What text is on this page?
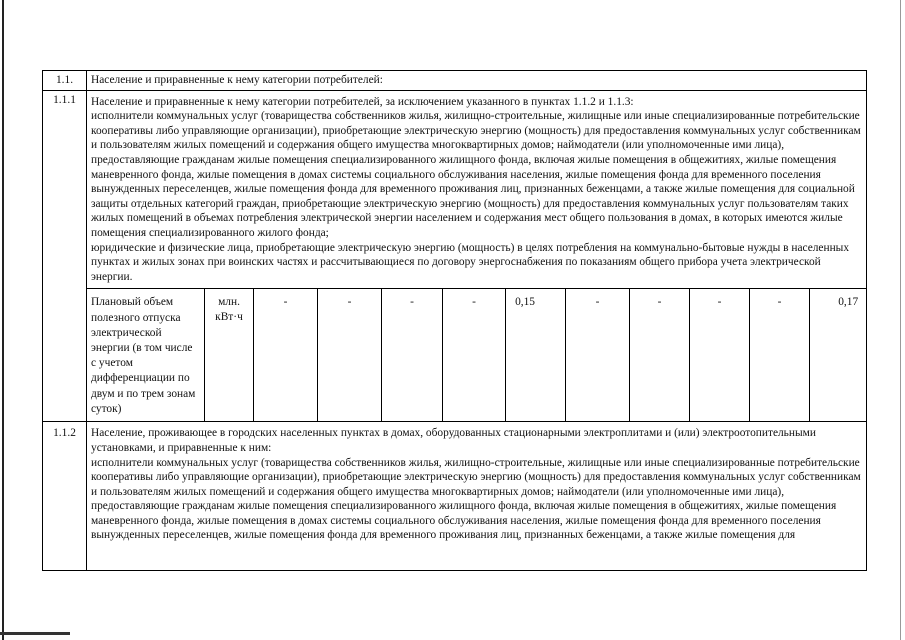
1.1.	Население и приравненные к нему категории потребителей:											
1.1.1	Население и приравненные к нему категории потребителей, за исключением указанного в пунктах 1.1.2 и 1.1.3:

исполнители коммунальных услуг (товарищества собственников жилья, жилищно-строительные, жилищные или иные специализированные потребительские кооперативы либо управляющие организации), приобретающие электрическую энергию (мощность) для предоставления коммунальных услуг собственникам и пользователям жилых помещений и содержания общего имущества многоквартирных домов; наймодатели (или уполномоченные ими лица), предоставляющие гражданам жилые помещения специализированного жилищного фонда, включая жилые помещения в общежитиях, жилые помещения маневренного фонда, жилые помещения в домах системы социального обслуживания населения, жилые помещения фонда для временного поселения вынужденных переселенцев, жилые помещения фонда для временного проживания лиц, признанных беженцами, а также жилые помещения для социальной защиты отдельных категорий граждан, приобретающие электрическую энергию (мощность) для предоставления коммунальных услуг пользователям таких жилых помещений в объемах потребления электрической энергии населением и содержания мест общего пользования в домах, в которых имеются жилые помещения специализированного жилого фонда;

юридические и физические лица, приобретающие электрическую энергию (мощность) в целях потребления на коммунально-бытовые нужды в населенных пунктах и жилых зонах при воинских частях и рассчитывающиеся по договору энергоснабжения по показаниям общего прибора учета электрической энергии.											

	Плановый объем полезного отпуска электрической энергии (в том числе с учетом дифференциации по двум и по трем зонам суток)	млн. кВт·ч	-	-	-	-	0,15	-	-	-	-	0,17
1.1.2	Население, проживающее в городских населенных пунктах в домах, оборудованных стационарными электроплитами и (или) электроотопительными установками, и приравненные к ним:

исполнители коммунальных услуг (товарищества собственников жилья, жилищно-строительные, жилищные или иные специализированные потребительские кооперативы либо управляющие организации), приобретающие электрическую энергию (мощность) для предоставления коммунальных услуг собственникам и пользователям жилых помещений и содержания общего имущества многоквартирных домов; наймодатели (или уполномоченные ими лица), предоставляющие гражданам жилые помещения специализированного жилищного фонда, включая жилые помещения в общежитиях, жилые помещения маневренного фонда, жилые помещения в домах системы социального обслуживания населения, жилые помещения фонда для временного поселения вынужденных переселенцев, жилые помещения фонда для временного проживания лиц, признанных беженцами, а также жилые помещения для											
